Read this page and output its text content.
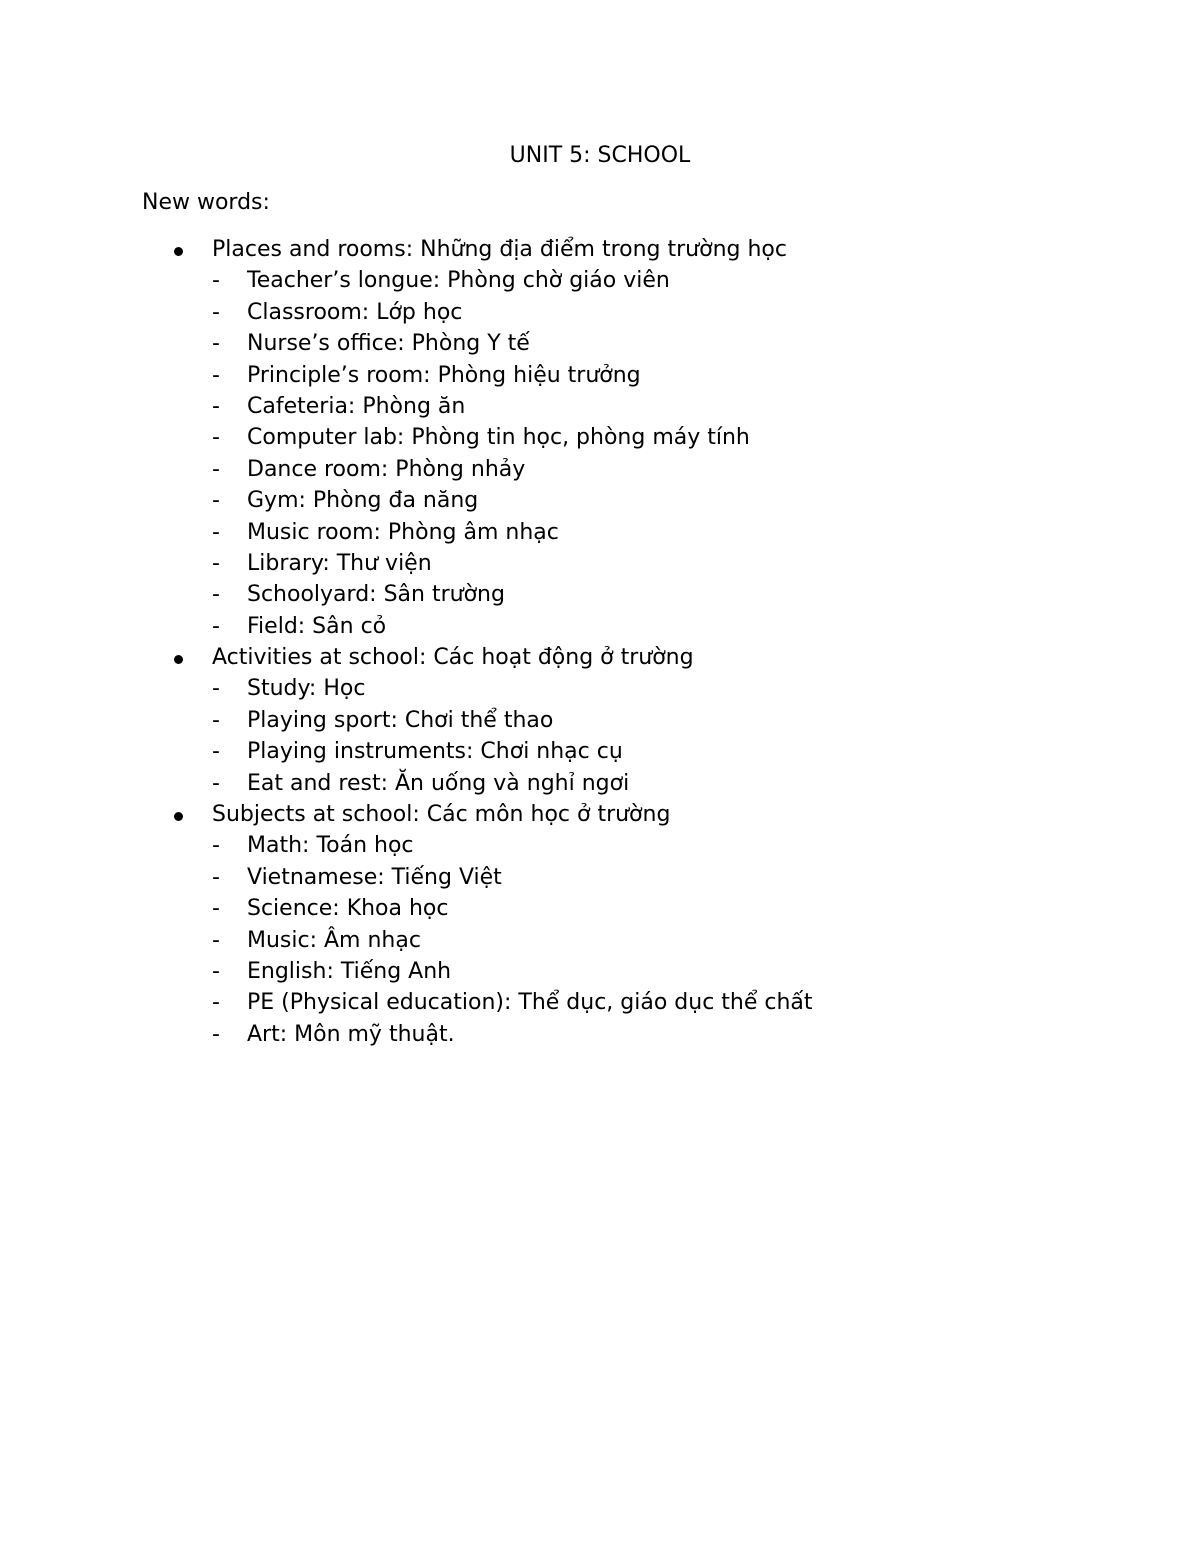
UNIT 5: SCHOOL
New words:
Places and rooms: Những địa điểm trong trường học
- Teacher’s longue: Phòng chờ giáo viên
- Classroom: Lớp học
- Nurse’s office: Phòng Y tế
- Principle’s room: Phòng hiệu trưởng
- Cafeteria: Phòng ăn
- Computer lab: Phòng tin học, phòng máy tính
- Dance room: Phòng nhảy
- Gym: Phòng đa năng
- Music room: Phòng âm nhạc
- Library: Thư viện
- Schoolyard: Sân trường
- Field: Sân cỏ
Activities at school: Các hoạt động ở trường
- Study: Học
- Playing sport: Chơi thể thao
- Playing instruments: Chơi nhạc cụ
- Eat and rest: Ăn uống và nghỉ ngơi
Subjects at school: Các môn học ở trường
- Math: Toán học
- Vietnamese: Tiếng Việt
- Science: Khoa học
- Music: Âm nhạc
- English: Tiếng Anh
- PE (Physical education): Thể dục, giáo dục thể chất
- Art: Môn mỹ thuật.
